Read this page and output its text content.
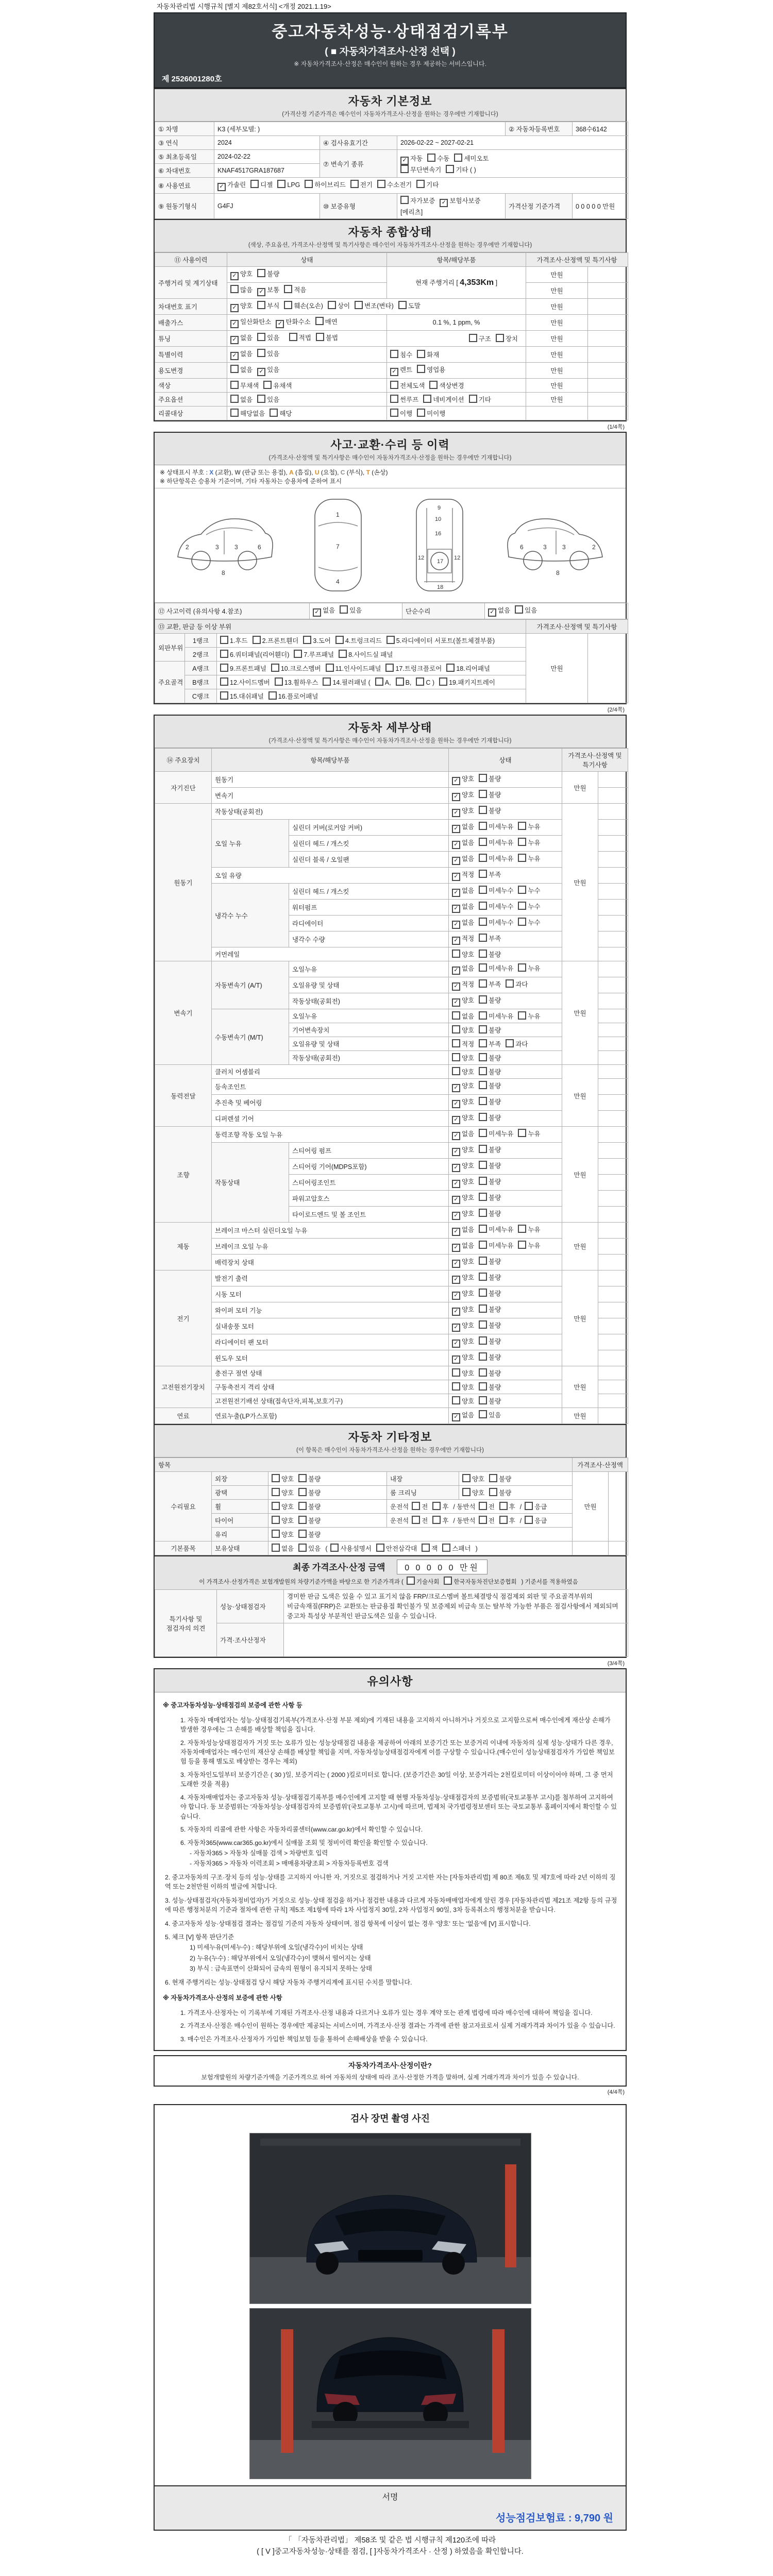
자동차관리법 시행규칙 [별지 제82호서식] <개정 2021.1.19>
중고자동차성능·상태점검기록부
( ■ 자동차가격조사·산정 선택 )
※ 자동차가격조사·산정은 매수인이 원하는 경우 제공하는 서비스입니다.
제 2526001280호
자동차 기본정보
(가격산정 기준가격은 매수인이 자동차가격조사·산정을 원하는 경우에만 기재합니다)
① 차명	K3 (세부모델: )			② 자동차등록번호	368수6142
③ 연식	2024	④ 검사유효기간	2026-02-22 ~ 2027-02-21		
⑤ 최초등록일	2024-02-22	⑦ 변속기 종류	✓ 자동 수동 세미오토
무단변속기 기타 ( )		

⑥ 차대번호	KNAF4517GRA187687				
⑧ 사용연료	✓ 가솔린 디젤 LPG 하이브리드 전기 수소전기 기타				
⑨ 원동기형식	G4FJ	⑩ 보증유형	자가보증 ✓ 보험사보증[메리츠]	가격산정 기준가격	0 0 0 0 0 만원
자동차 종합상태
(색상, 주요옵션, 가격조사·산정액 및 특기사항은 매수인이 자동차가격조사·산정을 원하는 경우에만 기재합니다)
⑪ 사용이력	상태	항목/해당부품	가격조사·산정액 및 특기사항	
주행거리 및 계기상태	✓ 양호 불량	현재 주행거리 [ 4,353Km ]	만원	
	많음 ✓ 보통 적음		만원	
차대번호 표기	✓ 양호 부식 훼손(오손) 상이 변조(변타) 도말		만원	
배출가스	✓ 일산화탄소 ✓ 탄화수소 매연	0.1 %, 1 ppm, %	만원	
튜닝	✓ 없음 있음 적법 불법	구조 장치	만원	
특별이력	✓ 없음 있음	침수 화재	만원	
용도변경	없음 ✓ 있음	✓ 렌트 영업용	만원	
색상	무채색 유채색	전체도색 색상변경	만원	
주요옵션	없음 있음	썬루프 네비게이션 기타	만원	
리콜대상	해당없음 해당	이행 미이행		
(1/4쪽)
사고·교환·수리 등 이력
(가격조사·산정액 및 특기사항은 매수인이 자동차가격조사·산정을 원하는 경우에만 기재합니다)
※ 상태표시 부호 : X (교환), W (판금 또는 용접), A (흠집), U (요철), C (부식), T (손상)
※ 하단항목은 승용차 기준이며, 기타 자동차는 승용차에 준하여 표시
2	3	3	6
8
1
7
4
9
10
16
12
17
12
18
2
3
3
6
8
⑫ 사고이력 (유의사항 4.참조)	✓ 없음 있음	단순수리	✓ 없음 있음
⑬ 교환, 판금 등 이상 부위			가격조사·산정액 및 특기사항	
외판부위	1랭크	1.후드 2.프론트휀더 3.도어 4.트렁크리드 5.라디에이터 서포트(볼트체결부품)	만원	
	2랭크	6.쿼터패널(리어휀더) 7.루프패널 8.사이드실 패널		
주요골격	A랭크	9.프론트패널 10.크로스멤버 11.인사이드패널 17.트렁크플로어 18.리어패널		
	B랭크	12.사이드멤버 13.휠하우스 14.필러패널 ( A, B, C ) 19.패키지트레이		
	C랭크	15.대쉬패널 16.플로어패널		
(2/4쪽)
자동차 세부상태
(가격조사·산정액 및 특기사항은 매수인이 자동차가격조사·산정을 원하는 경우에만 기재합니다)
⑭ 주요장치	항목/해당부품		상태	가격조사·산정액 및 특기사항	
자기진단	원동기		✓ 양호 불량	만원	
	변속기		✓ 양호 불량		
원동기	작동상태(공회전)		✓ 양호 불량	만원	
	오일 누유	실린더 커버(로커암 커버)	✓ 없음 미세누유 누유		
		실린더 헤드 / 개스킷	✓ 없음 미세누유 누유		
		실린더 블록 / 오일팬	✓ 없음 미세누유 누유		
	오일 유량		✓ 적정 부족		
	냉각수 누수	실린더 헤드 / 개스킷	✓ 없음 미세누수 누수		
		워터펌프	✓ 없음 미세누수 누수		
		라디에이터	✓ 없음 미세누수 누수		
		냉각수 수량	✓ 적정 부족		
	커먼레일		양호 불량		
변속기	자동변속기 (A/T)	오일누유	✓ 없음 미세누유 누유	만원	
		오일유량 및 상태	✓ 적정 부족 과다		
		작동상태(공회전)	✓ 양호 불량		
	수동변속기 (M/T)	오일누유	없음 미세누유 누유		
		기어변속장치	양호 불량		
		오일유량 및 상태	적정 부족 과다		
		작동상태(공회전)	양호 불량		
동력전달	클러치 어셈블리		양호 불량	만원	
	등속조인트		✓ 양호 불량		
	추진축 및 베어링		✓ 양호 불량		
	디퍼렌셜 기어		✓ 양호 불량		
조향	동력조향 작동 오일 누유		✓ 없음 미세누유 누유	만원	
	작동상태	스티어링 펌프	✓ 양호 불량		
		스티어링 기어(MDPS포함)	✓ 양호 불량		
		스티어링조인트	✓ 양호 불량		
		파워고압호스	✓ 양호 불량		
		타이로드엔드 및 볼 조인트	✓ 양호 불량		
제동	브레이크 마스터 실린더오일 누유		✓ 없음 미세누유 누유	만원	
	브레이크 오일 누유		✓ 없음 미세누유 누유		
	배력장치 상태		✓ 양호 불량		
전기	발전기 출력		✓ 양호 불량	만원	
	시동 모터		✓ 양호 불량		
	와이퍼 모터 기능		✓ 양호 불량		
	실내송풍 모터		✓ 양호 불량		
	라디에이터 팬 모터		✓ 양호 불량		
	윈도우 모터		✓ 양호 불량		
고전원전기장치	충전구 절연 상태		양호 불량	만원	
	구동축전지 격리 상태		양호 불량		
	고전원전기배선 상태(접속단자,피복,보호기구)		양호 불량		
연료	연료누출(LP가스포함)		✓ 없음 있음	만원	
자동차 기타정보
(이 항목은 매수인이 자동차가격조사·산정을 원하는 경우에만 기재합니다)
항목					가격조사·산정액	
수리필요	외장	양호 불량	내장	양호 불량	만원	
	광택	양호 불량	룸 크리닝	양호 불량		
	휠	양호 불량	운전석 전 후 / 동반석 전 후 / 응급			
	타이어	양호 불량	운전석 전 후 / 동반석 전 후 / 응급			
	유리	양호 불량				
기본품목	보유상태	없음 있음 ( 사용설명서 안전삼각대 잭 스패너 )				
최종 가격조사·산정 금액 0 0 0 0 0 만원
이 가격조사·산정가격은 보험개발원의 차량기준가액을 바탕으로 한 기준가격과 ( 기술사회 한국자동차진단보증협회 ) 기준서를 적용하였음
특기사항 및 점검자의 의견	성능·상태점검자	경미한 판금 도색은 있을 수 있고 표기치 않음 FRP/크로스멤버 볼트체결방식 점검제외 외판 및 주요골격부위의 비금속재질(FRP)은 교환또는 판금용접 확인불가 및 보증제외 비금속 또는 탈부착 가능한 부품은 점검사항에서 제외되며 중고차 특성상 부분적인 판금도색은 있을 수 있습니다.
	가격·조사산정자	
(3/4쪽)
유의사항
※ 중고자동차성능·상태점검의 보증에 관한 사항 등
1. 자동차 매매업자는 성능·상태점검기록부(가격조사·산정 부분 제외)에 기재된 내용을 고지하지 아니하거나 거짓으로 고지함으로써 매수인에게 재산상 손해가 발생한 경우에는 그 손해를 배상할 책임을 집니다.
2. 자동차성능상태점검자가 거짓 또는 오류가 있는 성능상태점검 내용을 제공하여 아래의 보증기간 또는 보증거리 이내에 자동차의 실제 성능·상태가 다른 경우, 자동차매매업자는 매수인의 재산상 손해를 배상할 책임을 지며, 자동차성능상태점검자에게 이를 구상할 수 있습니다.(매수인이 성능상태점검자가 가입한 책임보험 등을 통해 별도로 배상받는 경우는 제외)
3. 자동차인도일부터 보증기간은 ( 30 )일, 보증거리는 ( 2000 )킬로미터로 합니다. (보증기간은 30일 이상, 보증거리는 2천킬로미터 이상이어야 하며, 그 중 먼저 도래한 것을 적용)
4. 자동차매매업자는 중고자동차 성능·상태점검기록부를 매수인에게 고지할 때 현행 자동차성능·상태점검자의 보증범위(국토교통부 고시)를 첨부하여 고지하여야 합니다. 동 보증범위는 '자동차성능·상태점검자의 보증범위'(국토교통부 고시)에 따르며, 법제처 국가법령정보센터 또는 국토교통부 홈페이지에서 확인할 수 있습니다.
5. 자동차의 리콜에 관한 사항은 자동차리콜센터(www.car.go.kr)에서 확인할 수 있습니다.
6. 자동차365(www.car365.go.kr)에서 실매물 조회 및 정비이력 확인을 확인할 수 있습니다.
- 자동차365 > 자동차 실매물 검색 > 차량번호 입력
- 자동차365 > 자동차 이력조회 > 매매용차량조회 > 자동차등록번호 검색
2. 중고자동차의 구조·장치 등의 성능·상태를 고지하지 아니한 자, 거짓으로 점검하거나 거짓 고지한 자는 [자동차관리법] 제 80조 제6호 및 제7호에 따라 2년 이하의 징역 또는 2천만원 이하의 벌금에 처합니다.
3. 성능·상태점검자(자동차정비업자)가 거짓으로 성능·상태 점검을 하거나 점검한 내용과 다르게 자동차매매업자에게 알린 경우 [자동차관리법 제21조 제2항 등의 규정에 따른 행정처분의 기준과 절차에 관한 규칙] 제5조 제1항에 따라 1차 사업정지 30일, 2차 사업정지 90일, 3차 등록취소의 행정처분을 받습니다.
4. 중고자동차 성능·상태점검 결과는 점검일 기준의 자동차 상태이며, 점검 항목에 이상이 없는 경우 '양호' 또는 '없음'에 [V] 표시합니다.
5. 체크 [V] 항목 판단기준
1) 미세누유(미세누수) : 해당부위에 오일(냉각수)이 비치는 상태
2) 누유(누수) : 해당부위에서 오일(냉각수)이 맺혀서 떨어지는 상태
3) 부식 : 금속표면이 산화되어 금속의 원형이 유지되지 못하는 상태
6. 현재 주행거리는 성능·상태점검 당시 해당 자동차 주행거리계에 표시된 수치를 말합니다.
※ 자동차가격조사·산정의 보증에 관한 사항
1. 가격조사·산정자는 이 기록부에 기재된 가격조사·산정 내용과 다르거나 오류가 있는 경우 계약 또는 관계 법령에 따라 매수인에 대하여 책임을 집니다.
2. 가격조사·산정은 매수인이 원하는 경우에만 제공되는 서비스이며, 가격조사·산정 결과는 가격에 관한 참고자료로서 실제 거래가격과 차이가 있을 수 있습니다.
3. 매수인은 가격조사·산정자가 가입한 책임보험 등을 통하여 손해배상을 받을 수 있습니다.
자동차가격조사·산정이란?
보험개발원의 차량기준가액을 기준가격으로 하여 자동차의 상태에 따라 조사·산정한 가격을 말하며, 실제 거래가격과 차이가 있을 수 있습니다.
(4/4쪽)
검사 장면 촬영 사진
서명
성능점검보험료 : 9,790 원
「 「자동차관리법」 제58조 및 같은 법 시행규칙 제120조에 따라
( [ V ]중고자동차성능·상태를 점검, [ ]자동차가격조사 · 산정 ) 하였음을 확인합니다.
